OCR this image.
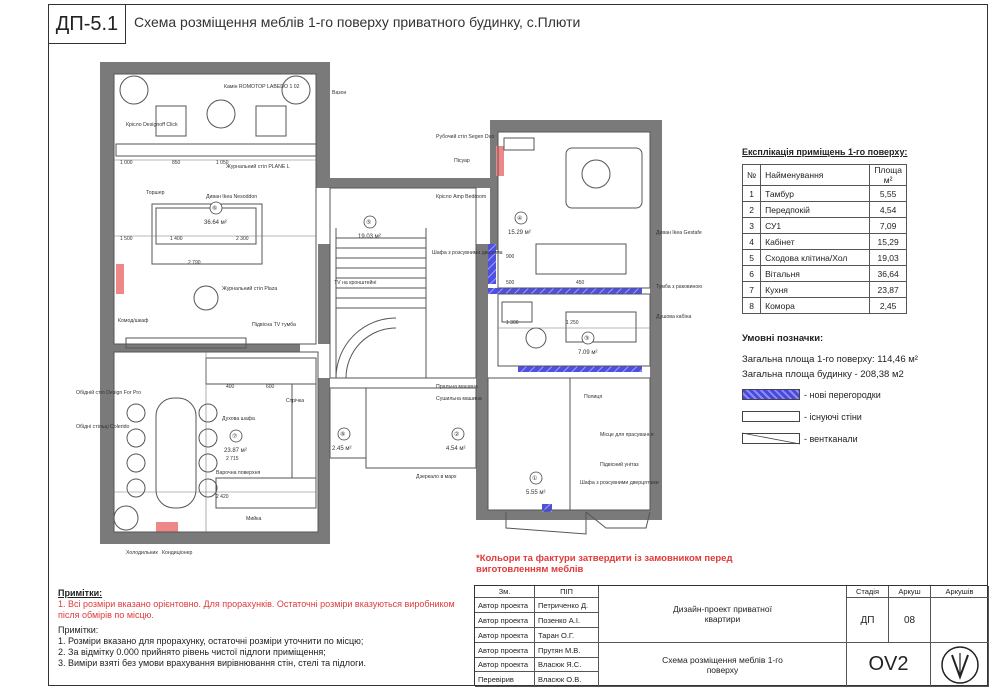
ДП-5.1	Схема розміщення меблів 1-го поверху приватного будинку, с.Плюти
①
5.55 м²
②
4.54 м²
③
7.09 м²
④
15.29 м²
⑤
19.03 м²
⑥
36.64 м²
⑦
23.87 м²
⑧
2.45 м²
Камін ROMOTOP LABEDO 1 02
Крісло Designoff Click
Журнальний стіл PLANE L
Диван Ikea Nesoddon
Журнальний стіл Plaza
Торшер
Комод/шкаф
Підвісна TV тумба
TV на кронштейні
Обідній стіл Design For Pro
Обідні стільці Colerido
Варочна поверхня
Мийка
Холодильник
Духова шафа
Рубочий стіл Segen Duo
Пісуар
Шафа з розсувними дверима
Крісло Amp Bedroom
Диван Ikea Gestafe
Тумба з раковиною
Душова кабіна
Пральна машина
Сушильна машина	Полиця
Місце для прасування
Підвісний унітаз
Шафа з розсувними дверцятами
Дзеркало в марх
Вазон
Кондиціонер
Стрічка
1 500	1 400	2 300
1 000	850	1 050
400	600
2 420
1 300	1 250
2 715
900
2 790
500	450
Експлікація приміщень 1-го поверху:
№	Найменування	Площа м²
1	Тамбур	5,55
2	Передпокій	4,54
3	СУ1	7,09
4	Кабінет	15,29
5	Сходова клітина/Хол	19,03
6	Вітальня	36,64
7	Кухня	23,87
8	Комора	2,45
Умовні позначки:
Загальна площа 1-го поверху: 114,46 м²
Загальна площа будинку - 208,38 м2
- нові перегородки
- існуючі стіни
- вентканали
*Кольори та фактури затвердити із замовником перед
виготовленням меблів
Примітки:
1. Всі розміри вказано орієнтовно. Для прорахунків. Остаточні розміри вказуються виробником після обмірів по місцю.
Примітки:
1. Розміри вказано для прорахунку, остаточні розміри уточнити по місцю;
2. За відмітку 0.000 прийнято рівень чистої підлоги приміщення;
3. Виміри взяті без умови врахування вирівнювання стін, стелі та підлоги.
Зм.	ПІП
Автор проекта	Петриченко Д.
Автор проекта	Позенко А.І.
Автор проекта	Таран О.Г.
Автор проекта	Прутян М.В.
Автор проекта	Власюк Я.С.
Перевірив	Власюк О.В.
Дизайн-проект приватної квартири
Схема розміщення меблів 1-го поверху
Стадія	Аркуш	Аркушів
ДП	08
OV2
